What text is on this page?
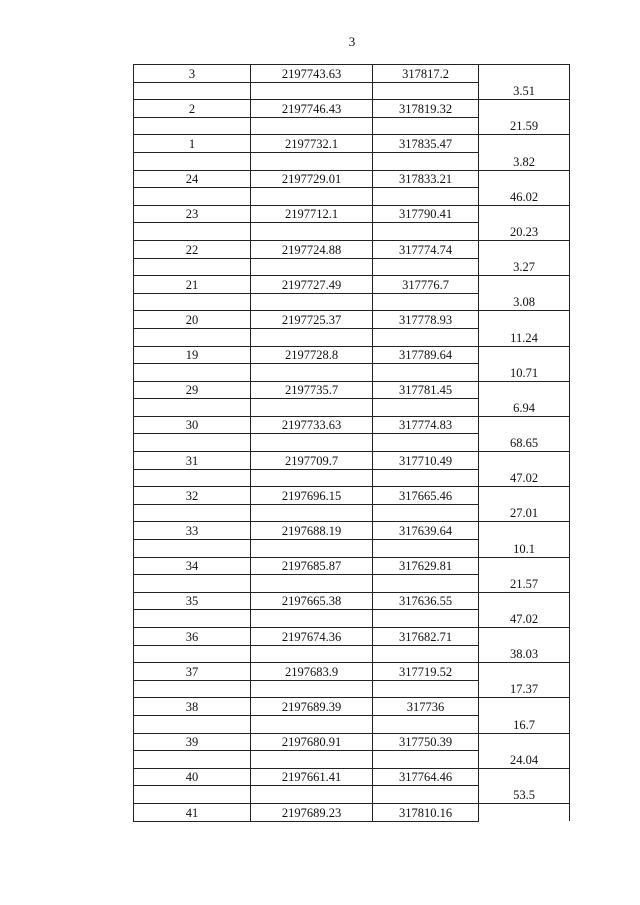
3
3	2197743.63	317817.2	
			3.51
2	2197746.43	317819.32	
			21.59
1	2197732.1	317835.47	
			3.82
24	2197729.01	317833.21	
			46.02
23	2197712.1	317790.41	
			20.23
22	2197724.88	317774.74	
			3.27
21	2197727.49	317776.7	
			3.08
20	2197725.37	317778.93	
			11.24
19	2197728.8	317789.64	
			10.71
29	2197735.7	317781.45	
			6.94
30	2197733.63	317774.83	
			68.65
31	2197709.7	317710.49	
			47.02
32	2197696.15	317665.46	
			27.01
33	2197688.19	317639.64	
			10.1
34	2197685.87	317629.81	
			21.57
35	2197665.38	317636.55	
			47.02
36	2197674.36	317682.71	
			38.03
37	2197683.9	317719.52	
			17.37
38	2197689.39	317736	
			16.7
39	2197680.91	317750.39	
			24.04
40	2197661.41	317764.46	
			53.5
41	2197689.23	317810.16	
